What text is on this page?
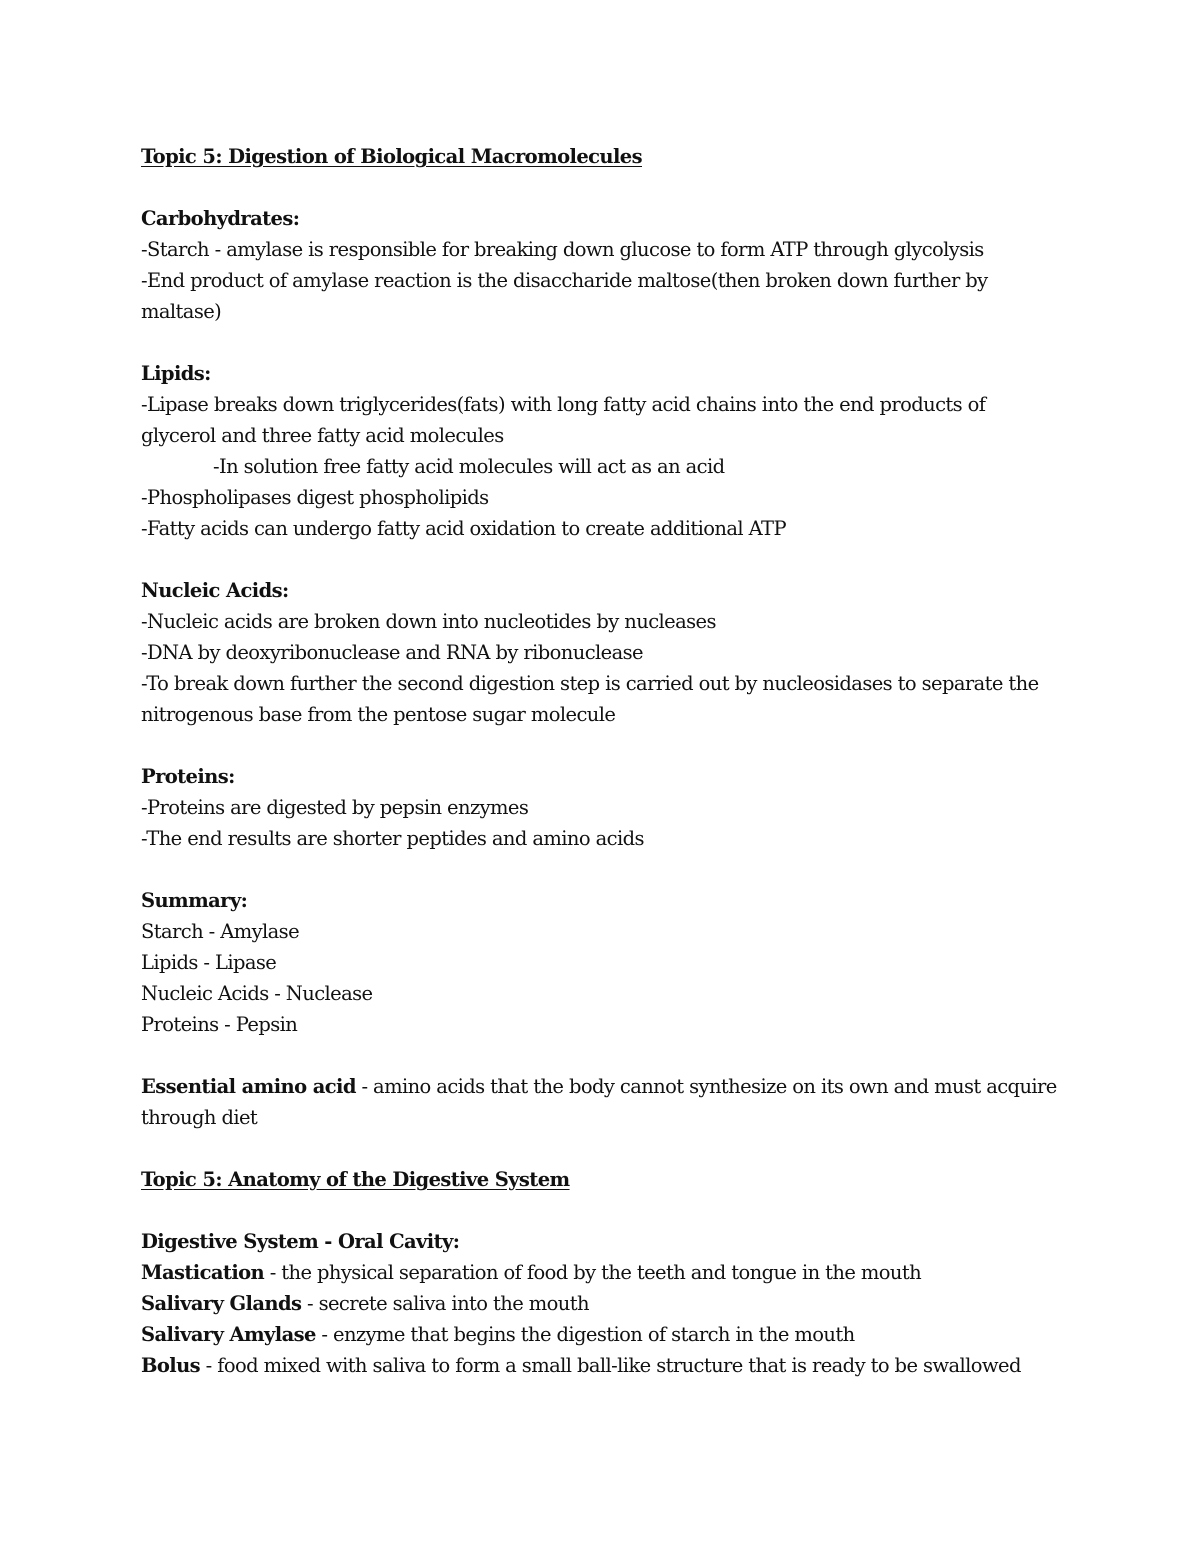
Topic 5: Digestion of Biological Macromolecules
Carbohydrates:
-Starch - amylase is responsible for breaking down glucose to form ATP through glycolysis
-End product of amylase reaction is the disaccharide maltose(then broken down further by maltase)
Lipids:
-Lipase breaks down triglycerides(fats) with long fatty acid chains into the end products of glycerol and three fatty acid molecules
-In solution free fatty acid molecules will act as an acid
-Phospholipases digest phospholipids
-Fatty acids can undergo fatty acid oxidation to create additional ATP
Nucleic Acids:
-Nucleic acids are broken down into nucleotides by nucleases
-DNA by deoxyribonuclease and RNA by ribonuclease
-To break down further the second digestion step is carried out by nucleosidases to separate the nitrogenous base from the pentose sugar molecule
Proteins:
-Proteins are digested by pepsin enzymes
-The end results are shorter peptides and amino acids
Summary:
Starch - Amylase
Lipids - Lipase
Nucleic Acids - Nuclease
Proteins - Pepsin
Essential amino acid - amino acids that the body cannot synthesize on its own and must acquire through diet
Topic 5: Anatomy of the Digestive System
Digestive System - Oral Cavity:
Mastication - the physical separation of food by the teeth and tongue in the mouth
Salivary Glands - secrete saliva into the mouth
Salivary Amylase - enzyme that begins the digestion of starch in the mouth
Bolus - food mixed with saliva to form a small ball-like structure that is ready to be swallowed
